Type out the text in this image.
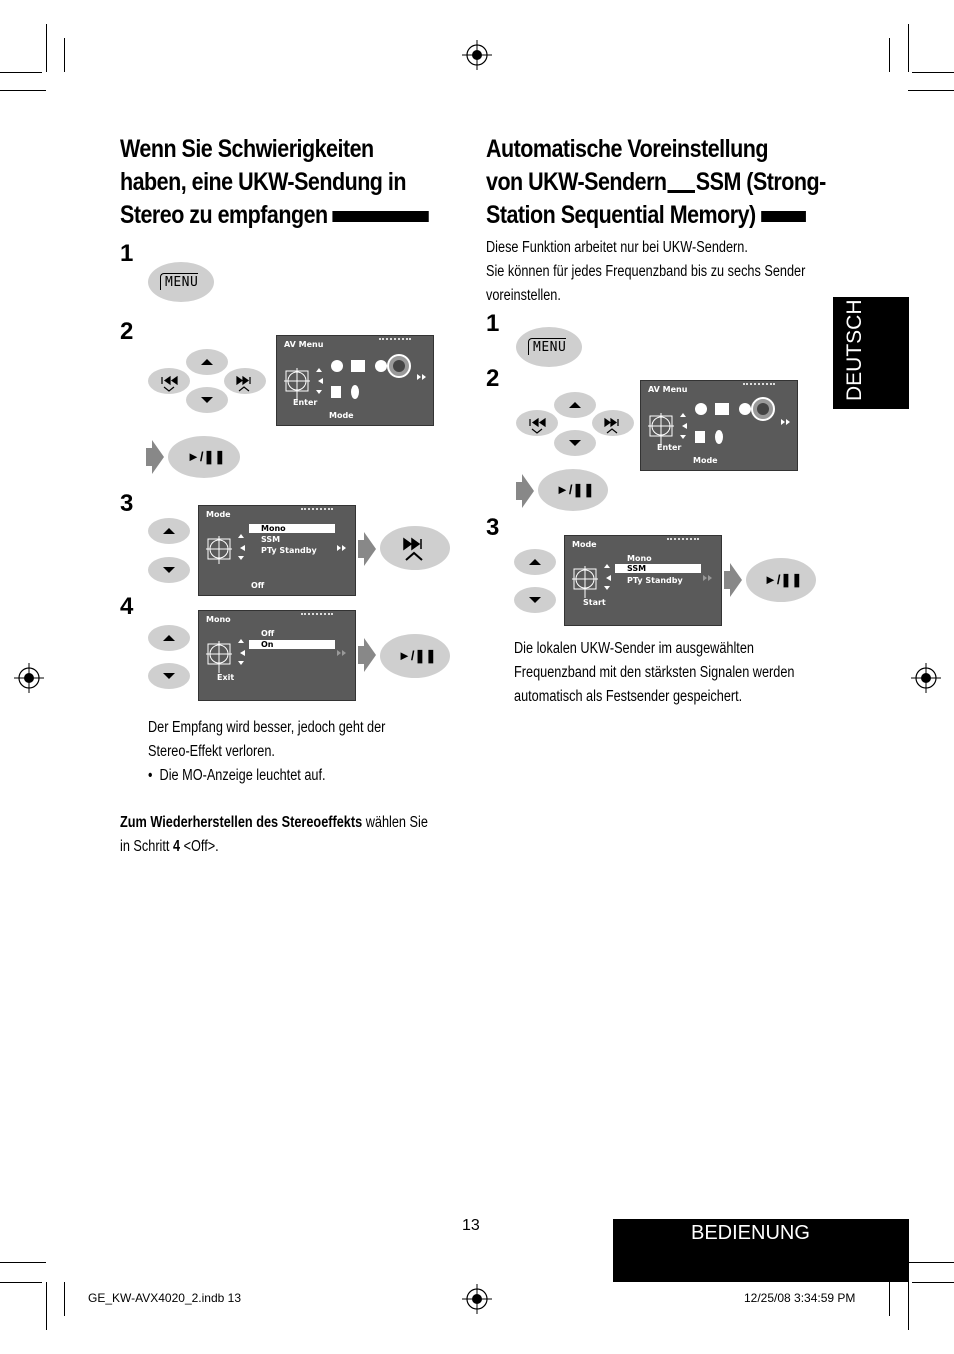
Wenn Sie Schwierigkeiten
haben, eine UKW-Sendung in
Stereo zu empfangen
1
MENU
2	AV Menu
Enter
Mode
►/❚❚
3	Mode
Mono
SSM
PTy Standby
Off
4	Mono
Off
On
Exit
►/❚❚
Der Empfang wird besser, jedoch geht der
Stereo-Effekt verloren.
•  Die MO-Anzeige leuchtet auf.
Zum Wiederherstellen des Stereoeffekts wählen Sie
in Schritt 4 <Off>.
Automatische Voreinstellung
von UKW-Sendern SSM (Strong-
Station Sequential Memory)
Diese Funktion arbeitet nur bei UKW-Sendern.
Sie können für jedes Frequenzband bis zu sechs Sender
voreinstellen.
1
MENU
2	AV Menu
Enter
Mode
►/❚❚
3
Mode
Mono
SSM
PTy Standby
Start
►/❚❚
Die lokalen UKW-Sender im ausgewählten
Frequenzband mit den stärksten Signalen werden
automatisch als Festsender gespeichert.
DEUTSCH
13	BEDIENUNG
GE_KW-AVX4020_2.indb 13	12/25/08 3:34:59 PM
